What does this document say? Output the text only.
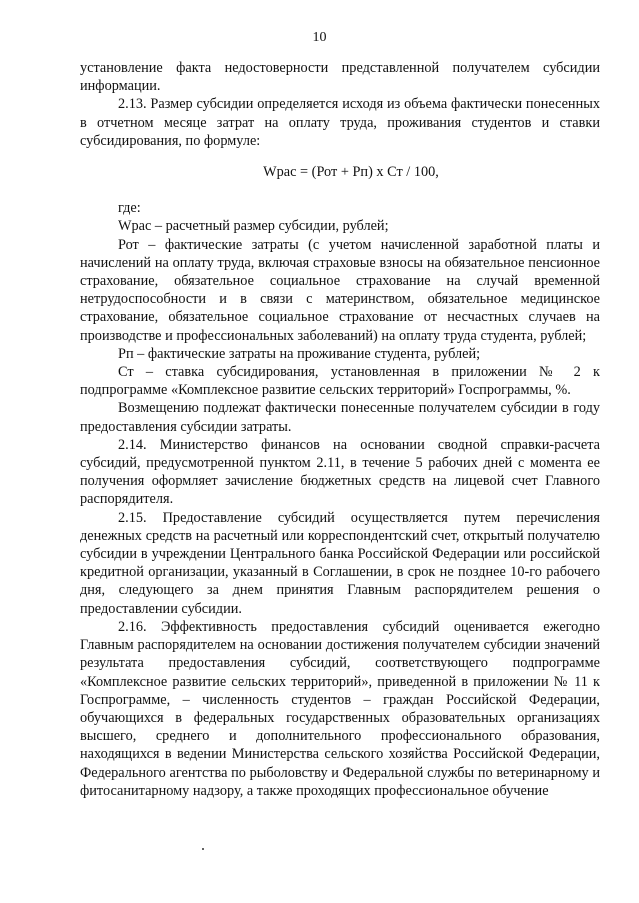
10

установление факта недостоверности представленной получателем субсидии информации.

2.13. Размер субсидии определяется исходя из объема фактически понесенных в отчетном месяце затрат на оплату труда, проживания студентов и ставки субсидирования, по формуле:

Wрас = (Рот + Рп) х Ст / 100,

где:

Wрас – расчетный размер субсидии, рублей;

Рот – фактические затраты (с учетом начисленной заработной платы и начислений на оплату труда, включая страховые взносы на обязательное пенсионное страхование, обязательное социальное страхование на случай временной нетрудоспособности и в связи с материнством, обязательное медицинское страхование, обязательное социальное страхование от несчастных случаев на производстве и профессиональных заболеваний) на оплату труда студента, рублей;

Рп – фактические затраты на проживание студента, рублей;

Ст – ставка субсидирования, установленная в приложении № 2 к подпрограмме «Комплексное развитие сельских территорий» Госпрограммы, %.

Возмещению подлежат фактически понесенные получателем субсидии в году предоставления субсидии затраты.

2.14. Министерство финансов на основании сводной справки-расчета субсидий, предусмотренной пунктом 2.11, в течение 5 рабочих дней с момента ее получения оформляет зачисление бюджетных средств на лицевой счет Главного распорядителя.

2.15. Предоставление субсидий осуществляется путем перечисления денежных средств на расчетный или корреспондентский счет, открытый получателю субсидии в учреждении Центрального банка Российской Федерации или российской кредитной организации, указанный в Соглашении, в срок не позднее 10-го рабочего дня, следующего за днем принятия Главным распорядителем решения о предоставлении субсидии.

2.16. Эффективность предоставления субсидий оценивается ежегодно Главным распорядителем на основании достижения получателем субсидии значений результата предоставления субсидий, соответствующего подпрограмме «Комплексное развитие сельских территорий», приведенной в приложении № 11 к Госпрограмме, – численность студентов – граждан Российской Федерации, обучающихся в федеральных государственных образовательных организациях высшего, среднего и дополнительного профессионального образования, находящихся в ведении Министерства сельского хозяйства Российской Федерации, Федерального агентства по рыболовству и Федеральной службы по ветеринарному и фитосанитарному надзору, а также проходящих профессиональное обучение
